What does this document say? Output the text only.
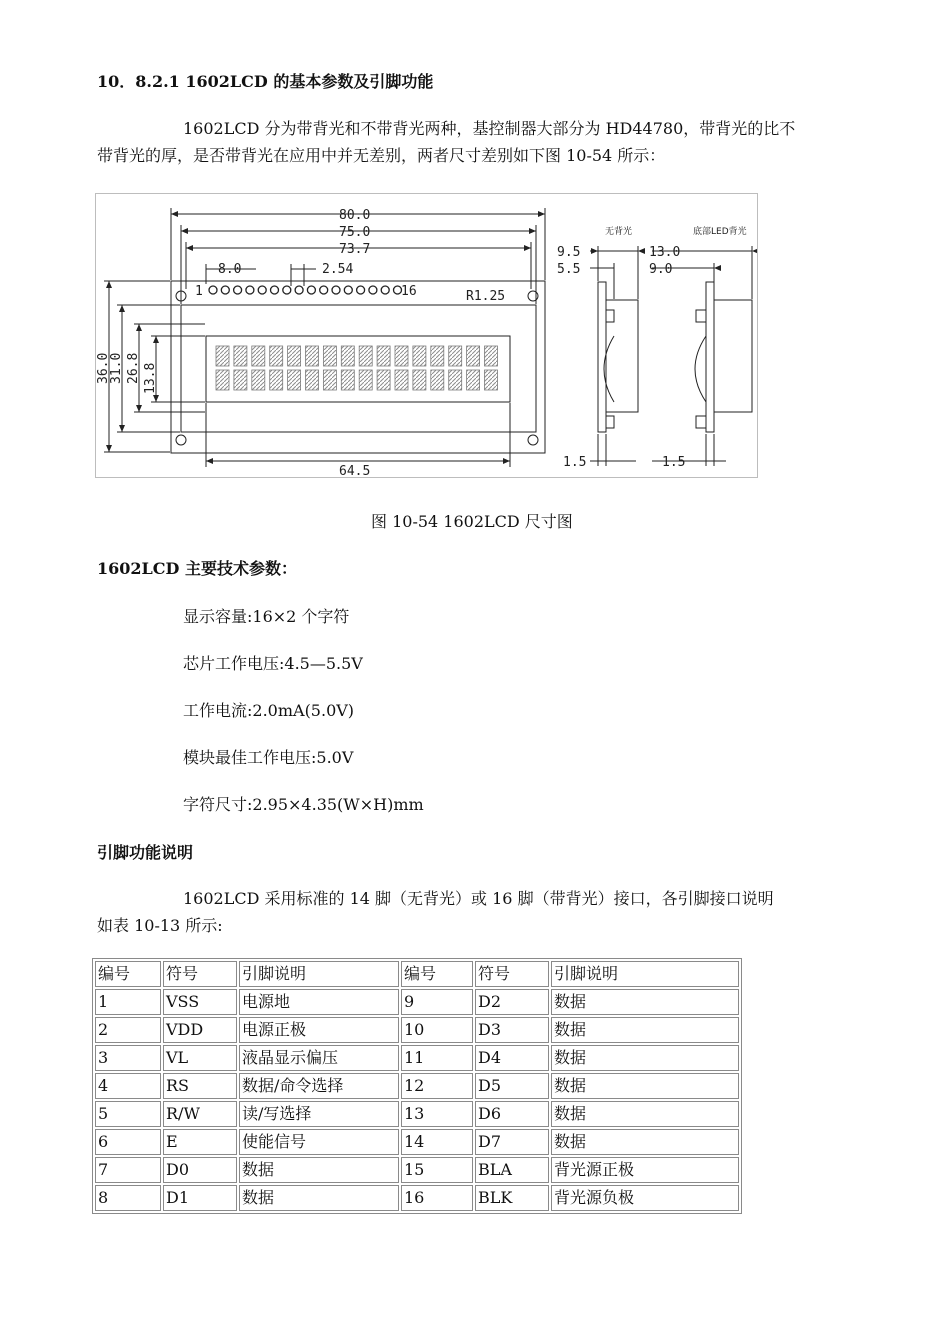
10．8.2.1 1602LCD 的基本参数及引脚功能
1602LCD 分为带背光和不带背光两种，基控制器大部分为 HD44780，带背光的比不
带背光的厚，是否带背光在应用中并无差别，两者尺寸差别如下图 10-54 所示：
80.0
75.0
73.7
8.0	2.54
1	16	R1.25
64.5
36.0
31.0 26.8 13.8
无背光	底部LED背光
9.5
5.5
13.0
9.0
1.5	1.5
图 10-54 1602LCD 尺寸图
1602LCD 主要技术参数：
显示容量:16×2 个字符
芯片工作电压:4.5—5.5V
工作电流:2.0mA(5.0V)
模块最佳工作电压:5.0V
字符尺寸:2.95×4.35(W×H)mm
引脚功能说明
1602LCD 采用标准的 14 脚（无背光）或 16 脚（带背光）接口，各引脚接口说明
如表 10-13 所示:
编号	符号	引脚说明	编号	符号	引脚说明
1	VSS	电源地	9	D2	数据
2	VDD	电源正极	10	D3	数据
3	VL	液晶显示偏压	11	D4	数据
4	RS	数据/命令选择	12	D5	数据
5	R/W	读/写选择	13	D6	数据
6	E	使能信号	14	D7	数据
7	D0	数据	15	BLA	背光源正极
8	D1	数据	16	BLK	背光源负极
